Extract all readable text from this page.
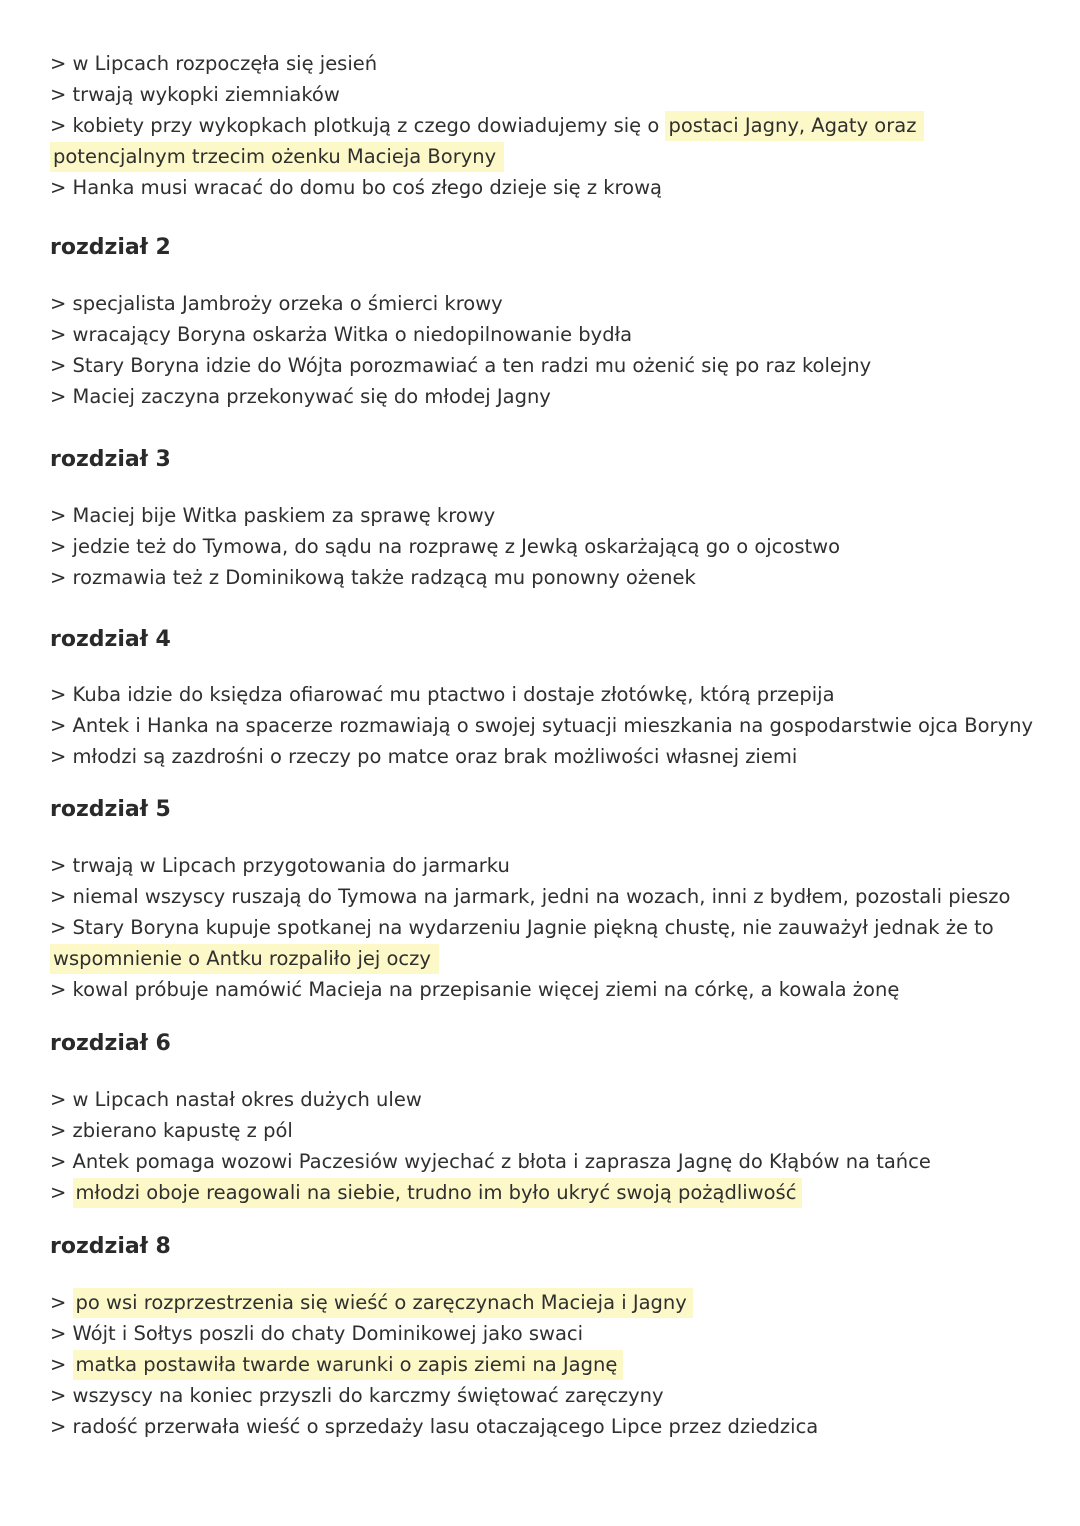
> w Lipcach rozpoczęła się jesień

> trwają wykopki ziemniaków

> kobiety przy wykopkach plotkują z czego dowiadujemy się o postaci Jagny, Agaty oraz potencjalnym trzecim ożenku Macieja Boryny

> Hanka musi wracać do domu bo coś złego dzieje się z krową

rozdział 2

> specjalista Jambroży orzeka o śmierci krowy

> wracający Boryna oskarża Witka o niedopilnowanie bydła

> Stary Boryna idzie do Wójta porozmawiać a ten radzi mu ożenić się po raz kolejny

> Maciej zaczyna przekonywać się do młodej Jagny

rozdział 3

> Maciej bije Witka paskiem za sprawę krowy

> jedzie też do Tymowa, do sądu na rozprawę z Jewką oskarżającą go o ojcostwo

> rozmawia też z Dominikową także radzącą mu ponowny ożenek

rozdział 4

> Kuba idzie do księdza ofiarować mu ptactwo i dostaje złotówkę, którą przepija

> Antek i Hanka na spacerze rozmawiają o swojej sytuacji mieszkania na gospodarstwie ojca Boryny

> młodzi są zazdrośni o rzeczy po matce oraz brak możliwości własnej ziemi

rozdział 5

> trwają w Lipcach przygotowania do jarmarku

> niemal wszyscy ruszają do Tymowa na jarmark, jedni na wozach, inni z bydłem, pozostali pieszo

> Stary Boryna kupuje spotkanej na wydarzeniu Jagnie piękną chustę, nie zauważył jednak że to wspomnienie o Antku rozpaliło jej oczy

> kowal próbuje namówić Macieja na przepisanie więcej ziemi na córkę, a kowala żonę

rozdział 6

> w Lipcach nastał okres dużych ulew

> zbierano kapustę z pól

> Antek pomaga wozowi Paczesiów wyjechać z błota i zaprasza Jagnę do Kłąbów na tańce

> młodzi oboje reagowali na siebie, trudno im było ukryć swoją pożądliwość

rozdział 8

> po wsi rozprzestrzenia się wieść o zaręczynach Macieja i Jagny

> Wójt i Sołtys poszli do chaty Dominikowej jako swaci

> matka postawiła twarde warunki o zapis ziemi na Jagnę

> wszyscy na koniec przyszli do karczmy świętować zaręczyny

> radość przerwała wieść o sprzedaży lasu otaczającego Lipce przez dziedzica
